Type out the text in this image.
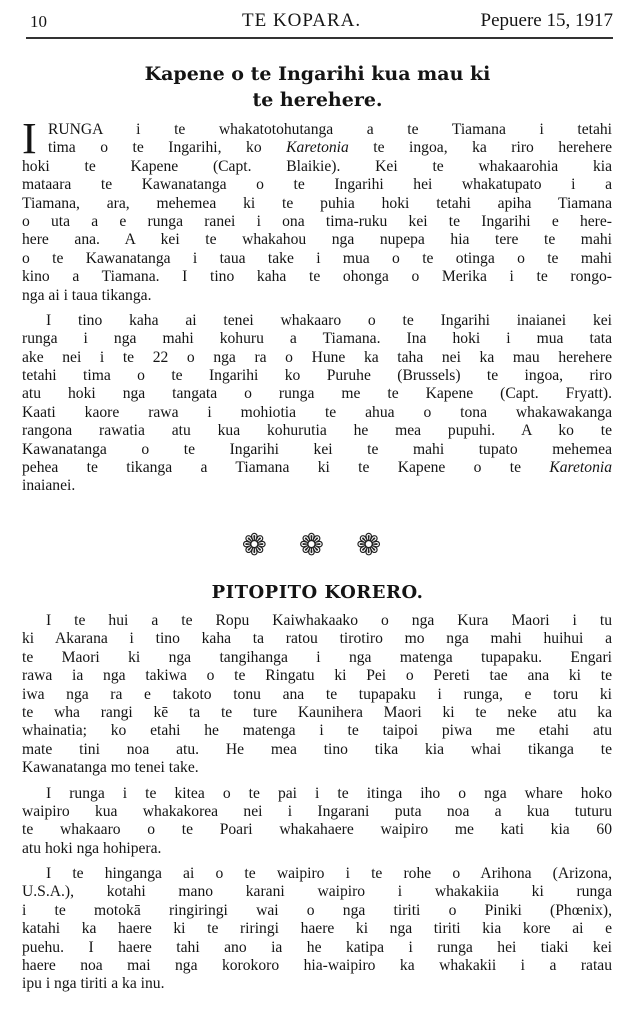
10	TE KOPARA.	Pepuere 15, 1917
Kapene o te Ingarihi kua mau ki
te herehere.
I RUNGA i te whakatotohutanga a te Tiamana i tetahi
tima o te Ingarihi, ko Karetonia te ingoa, ka riro herehere
hoki te Kapene (Capt. Blaikie). Kei te whakaarohia kia
mataara te Kawanatanga o te Ingarihi hei whakatupato i a
Tiamana, ara, mehemea ki te puhia hoki tetahi apiha Tiamana
o uta a e runga ranei i ona tima-ruku kei te Ingarihi e here-
here ana. A kei te whakahou nga nupepa hia tere te mahi
o te Kawanatanga i taua take i mua o te otinga o te mahi
kino a Tiamana. I tino kaha te ohonga o Merika i te rongo-
nga ai i taua tikanga.
I tino kaha ai tenei whakaaro o te Ingarihi inaianei kei
runga i nga mahi kohuru a Tiamana. Ina hoki i mua tata
ake nei i te 22 o nga ra o Hune ka taha nei ka mau herehere
tetahi tima o te Ingarihi ko Puruhe (Brussels) te ingoa, riro
atu hoki nga tangata o runga me te Kapene (Capt. Fryatt).
Kaati kaore rawa i mohiotia te ahua o tona whakawakanga
rangona rawatia atu kua kohurutia he mea pupuhi. A ko te
Kawanatanga o te Ingarihi kei te mahi tupato mehemea
pehea te tikanga a Tiamana ki te Kapene o te Karetonia
inaianei.
❁ ❁ ❁
PITOPITO KORERO.
I te hui a te Ropu Kaiwhakaako o nga Kura Maori i tu
ki Akarana i tino kaha ta ratou tirotiro mo nga mahi huihui a
te Maori ki nga tangihanga i nga matenga tupapaku. Engari
rawa ia nga takiwa o te Ringatu ki Pei o Pereti tae ana ki te
iwa nga ra e takoto tonu ana te tupapaku i runga, e toru ki
te wha rangi kē ta te ture Kaunihera Maori ki te neke atu ka
whainatia; ko etahi he matenga i te taipoi piwa me etahi atu
mate tini noa atu. He mea tino tika kia whai tikanga te
Kawanatanga mo tenei take.
I runga i te kitea o te pai i te itinga iho o nga whare hoko
waipiro kua whakakorea nei i Ingarani puta noa a kua tuturu
te whakaaro o te Poari whakahaere waipiro me kati kia 60
atu hoki nga hohipera.
I te hinganga ai o te waipiro i te rohe o Arihona (Arizona,
U.S.A.), kotahi mano karani waipiro i whakakiia ki runga
i te motokā ringiringi wai o nga tiriti o Piniki (Phœnix),
katahi ka haere ki te riringi haere ki nga tiriti kia kore ai e
puehu. I haere tahi ano ia he katipa i runga hei tiaki kei
haere noa mai nga korokoro hia-waipiro ka whakakii i a ratau
ipu i nga tiriti a ka inu.
